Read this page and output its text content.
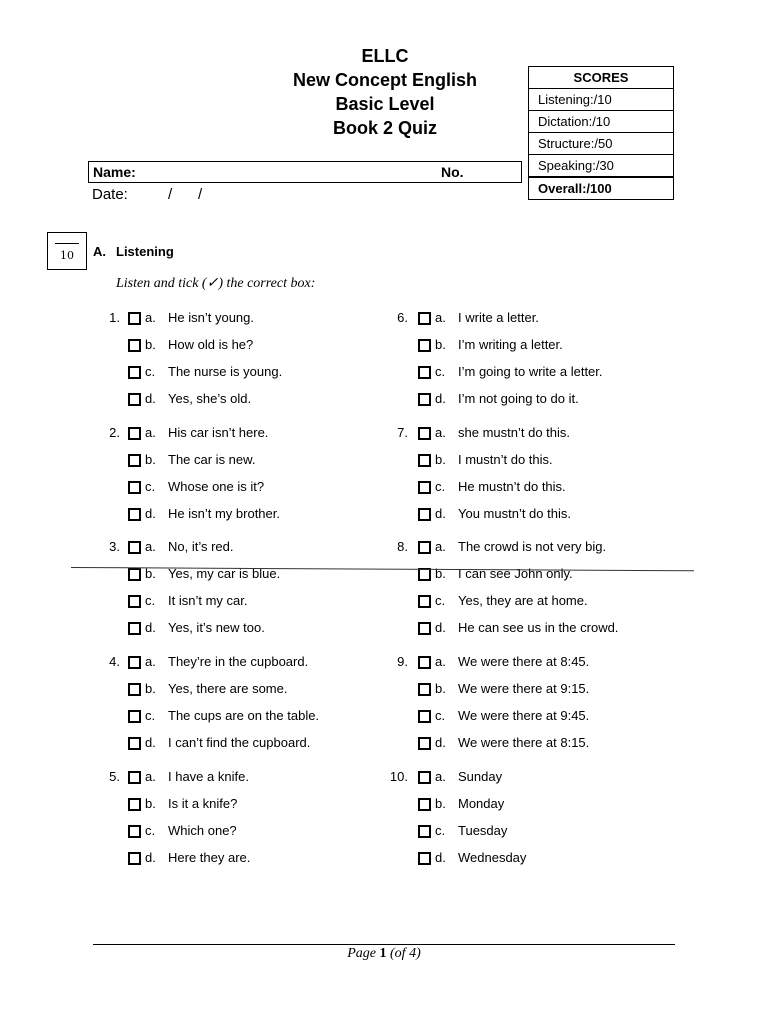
ELLC
New Concept English
Basic Level
Book 2 Quiz
SCORES
Listening:/10
Dictation:/10
Structure:/50
Speaking:/30
Overall:/100
Name:	No.
Date:	/ /
10	A. Listening
Listen and tick (✓) the correct box:
1. a. He isn’t young.
b. How old is he?
c. The nurse is young.
d. Yes, she’s old.
2. a. His car isn’t here.
b. The car is new.
c. Whose one is it?
d. He isn’t my brother.
3. a. No, it’s red.
b. Yes, my car is blue.
c. It isn’t my car.
d. Yes, it’s new too.
4. a. They’re in the cupboard.
b. Yes, there are some.
c. The cups are on the table.
d. I can’t find the cupboard.
5. a. I have a knife.
b. Is it a knife?
c. Which one?
d. Here they are.
6. a. I write a letter.
b. I’m writing a letter.
c. I’m going to write a letter.
d. I’m not going to do it.
7. a. she mustn’t do this.
b. I mustn’t do this.
c. He mustn’t do this.
d. You mustn’t do this.
8. a. The crowd is not very big.
b. I can see John only.
c. Yes, they are at home.
d. He can see us in the crowd.
9. a. We were there at 8:45.
b. We were there at 9:15.
c. We were there at 9:45.
d. We were there at 8:15.
10. a. Sunday
b. Monday
c. Tuesday
d. Wednesday
Page 1 (of 4)
